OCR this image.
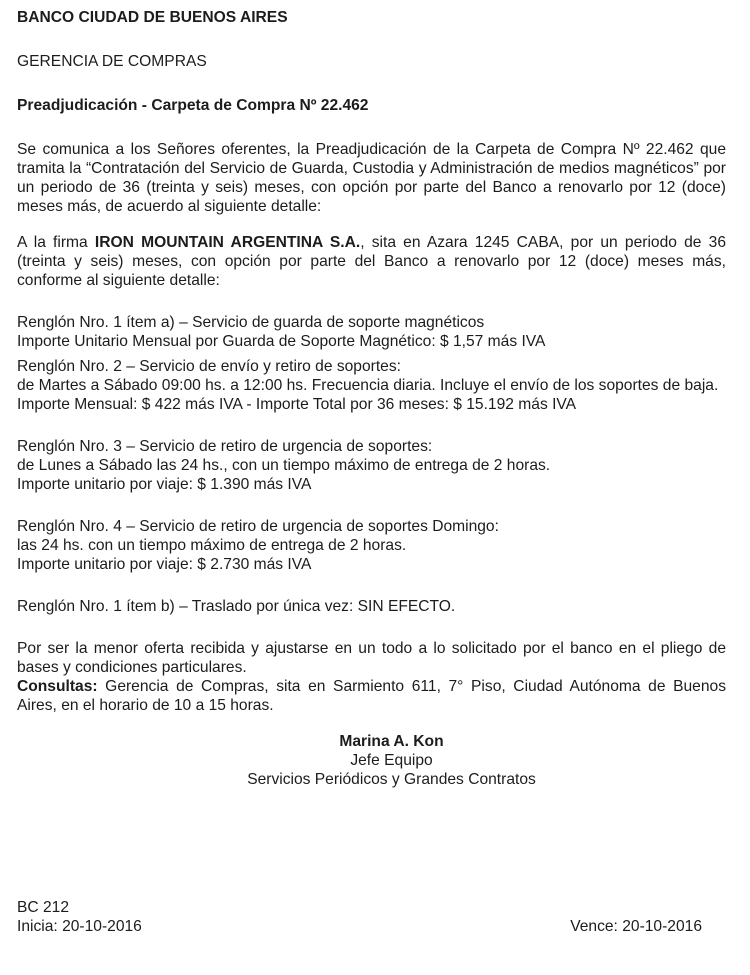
BANCO CIUDAD DE BUENOS AIRES

GERENCIA DE COMPRAS

Preadjudicación - Carpeta de Compra Nº 22.462

Se comunica a los Señores oferentes, la Preadjudicación de la Carpeta de Compra Nº 22.462 que tramita la “Contratación del Servicio de Guarda, Custodia y Administración de medios magnéticos” por un periodo de 36 (treinta y seis) meses, con opción por parte del Banco a renovarlo por 12 (doce) meses más, de acuerdo al siguiente detalle:

A la firma IRON MOUNTAIN ARGENTINA S.A., sita en Azara 1245 CABA, por un periodo de 36 (treinta y seis) meses, con opción por parte del Banco a renovarlo por 12 (doce) meses más, conforme al siguiente detalle:

Renglón Nro. 1 ítem a) – Servicio de guarda de soporte magnéticos

Importe Unitario Mensual por Guarda de Soporte Magnético: $ 1,57 más IVA

Renglón Nro. 2 – Servicio de envío y retiro de soportes:

de Martes a Sábado 09:00 hs. a 12:00 hs. Frecuencia diaria. Incluye el envío de los soportes de baja.

Importe Mensual: $ 422 más IVA - Importe Total por 36 meses: $ 15.192 más IVA

Renglón Nro. 3 – Servicio de retiro de urgencia de soportes:

de Lunes a Sábado las 24 hs., con un tiempo máximo de entrega de 2 horas.

Importe unitario por viaje: $ 1.390 más IVA

Renglón Nro. 4 – Servicio de retiro de urgencia de soportes Domingo:

las 24 hs. con un tiempo máximo de entrega de 2 horas.

Importe unitario por viaje: $ 2.730 más IVA

Renglón Nro. 1 ítem b) – Traslado por única vez: SIN EFECTO.

Por ser la menor oferta recibida y ajustarse en un todo a lo solicitado por el banco en el pliego de bases y condiciones particulares.

Consultas: Gerencia de Compras, sita en Sarmiento 611, 7° Piso, Ciudad Autónoma de Buenos Aires, en el horario de 10 a 15 horas.

Marina A. Kon

Jefe Equipo

Servicios Periódicos y Grandes Contratos

BC 212

Inicia: 20-10-2016	Vence: 20-10-2016
